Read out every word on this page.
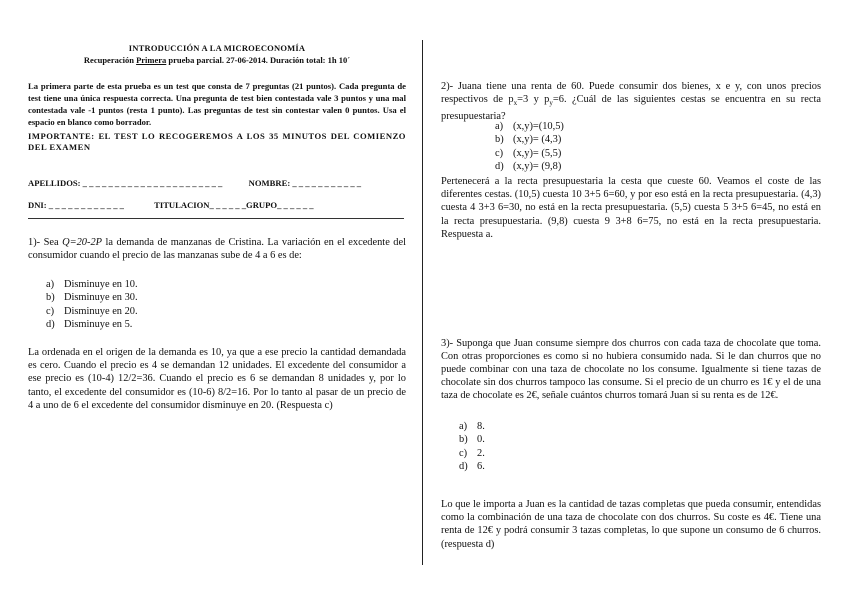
INTRODUCCIÓN A LA MICROECONOMÍA
Recuperación Primera prueba parcial. 27-06-2014. Duración total: 1h 10´
La primera parte de esta prueba es un test que consta de 7 preguntas (21 puntos). Cada pregunta de test tiene una única respuesta correcta. Una pregunta de test bien contestada vale 3 puntos y una mal contestada vale -1 puntos (resta 1 punto). Las preguntas de test sin contestar valen 0 puntos. Usa el espacio en blanco como borrador.
IMPORTANTE: EL TEST LO RECOGEREMOS A LOS 35 MINUTOS DEL COMIENZO DEL EXAMEN
APELLIDOS: _ _ _ _ _ _ _ _ _ _ _ _ _ _ _ _ _ _ _ _ _ _	NOMBRE: _ _ _ _ _ _ _ _ _ _ _
DNI: _ _ _ _ _ _ _ _ _ _ _ _	TITULACION_ _ _ _ _ _GRUPO_ _ _ _ _ _
1)- Sea Q=20-2P la demanda de manzanas de Cristina. La variación en el excedente del consumidor cuando el precio de las manzanas sube de 4 a 6 es de:
a) Disminuye en 10.
b) Disminuye en 30.
c) Disminuye en 20.
d) Disminuye en 5.
La ordenada en el origen de la demanda es 10, ya que a ese precio la cantidad demandada es cero. Cuando el precio es 4 se demandan 12 unidades. El excedente del consumidor a ese precio es (10-4) 12/2=36. Cuando el precio es 6 se demandan 8 unidades y, por lo tanto, el excedente del consumidor es (10-6) 8/2=16. Por lo tanto al pasar de un precio de 4 a uno de 6 el excedente del consumidor disminuye en 20. (Respuesta c)
2)- Juana tiene una renta de 60. Puede consumir dos bienes, x e y, con unos precios respectivos de $p_x=3$ y $p_y=6$. ¿Cuál de las siguientes cestas se encuentra en su recta presupuestaria?
a) (x,y)=(10,5)
b) (x,y)= (4,3)
c) (x,y)= (5,5)
d) (x,y)= (9,8)
Pertenecerá a la recta presupuestaria la cesta que cueste 60. Veamos el coste de las diferentes cestas. (10,5) cuesta 10 3+5 6=60, y por eso está en la recta presupuestaria. (4,3) cuesta 4 3+3 6=30, no está en la recta presupuestaria. (5,5) cuesta 5 3+5 6=45, no está en la recta presupuestaria. (9,8) cuesta 9 3+8 6=75, no está en la recta presupuestaria. Respuesta a.
3)- Suponga que Juan consume siempre dos churros con cada taza de chocolate que toma. Con otras proporciones es como si no hubiera consumido nada. Si le dan churros que no puede combinar con una taza de chocolate no los consume. Igualmente si tiene tazas de chocolate sin dos churros tampoco las consume. Si el precio de un churro es 1€ y el de una taza de chocolate es 2€, señale cuántos churros tomará Juan si su renta es de 12€.
a) 8.
b) 0.
c) 2.
d) 6.
Lo que le importa a Juan es la cantidad de tazas completas que pueda consumir, entendidas como la combinación de una taza de chocolate con dos churros. Su coste es 4€. Tiene una renta de 12€ y podrá consumir 3 tazas completas, lo que supone un consumo de 6 churros. (respuesta d)
